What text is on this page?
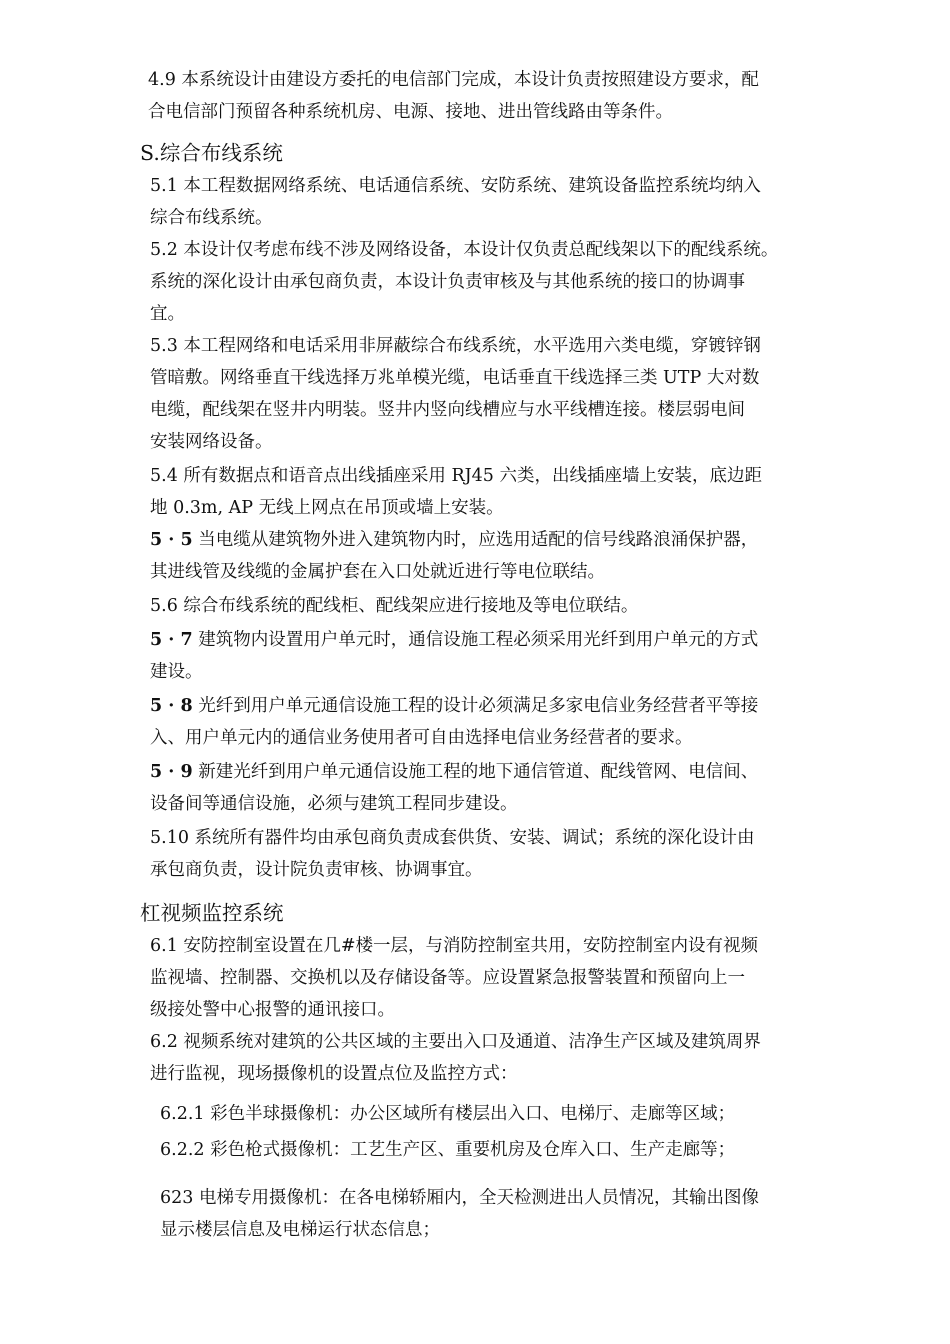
4.9 本系统设计由建设方委托的电信部门完成，本设计负责按照建设方要求，配
合电信部门预留各种系统机房、电源、接地、进出管线路由等条件。
S.综合布线系统
5.1 本工程数据网络系统、电话通信系统、安防系统、建筑设备监控系统均纳入
综合布线系统。
5.2 本设计仅考虑布线不涉及网络设备，本设计仅负责总配线架以下的配线系统。
系统的深化设计由承包商负责，本设计负责审核及与其他系统的接口的协调事
宜。
5.3 本工程网络和电话采用非屏蔽综合布线系统，水平选用六类电缆，穿镀锌钢
管暗敷。网络垂直干线选择万兆单模光缆，电话垂直干线选择三类 UTP 大对数
电缆，配线架在竖井内明装。竖井内竖向线槽应与水平线槽连接。楼层弱电间
安装网络设备。
5.4 所有数据点和语音点出线插座采用 RJ45 六类，出线插座墙上安装，底边距
地 0.3m, AP 无线上网点在吊顶或墙上安装。
5 · 5 当电缆从建筑物外进入建筑物内时，应选用适配的信号线路浪涌保护器，
其进线管及线缆的金属护套在入口处就近进行等电位联结。
5.6 综合布线系统的配线柜、配线架应进行接地及等电位联结。
5 · 7 建筑物内设置用户单元时，通信设施工程必须采用光纤到用户单元的方式
建设。
5 · 8 光纤到用户单元通信设施工程的设计必须满足多家电信业务经营者平等接
入、用户单元内的通信业务使用者可自由选择电信业务经营者的要求。
5 · 9 新建光纤到用户单元通信设施工程的地下通信管道、配线管网、电信间、
设备间等通信设施，必须与建筑工程同步建设。
5.10 系统所有器件均由承包商负责成套供货、安装、调试；系统的深化设计由
承包商负责，设计院负责审核、协调事宜。
杠视频监控系统
6.1 安防控制室设置在几#楼一层，与消防控制室共用，安防控制室内设有视频
监视墙、控制器、交换机以及存储设备等。应设置紧急报警装置和预留向上一
级接处警中心报警的通讯接口。
6.2 视频系统对建筑的公共区域的主要出入口及通道、洁净生产区域及建筑周界
进行监视，现场摄像机的设置点位及监控方式：
6.2.1 彩色半球摄像机：办公区域所有楼层出入口、电梯厅、走廊等区域；
6.2.2 彩色枪式摄像机：工艺生产区、重要机房及仓库入口、生产走廊等；
623 电梯专用摄像机：在各电梯轿厢内，全天检测进出人员情况，其输出图像
显示楼层信息及电梯运行状态信息；
